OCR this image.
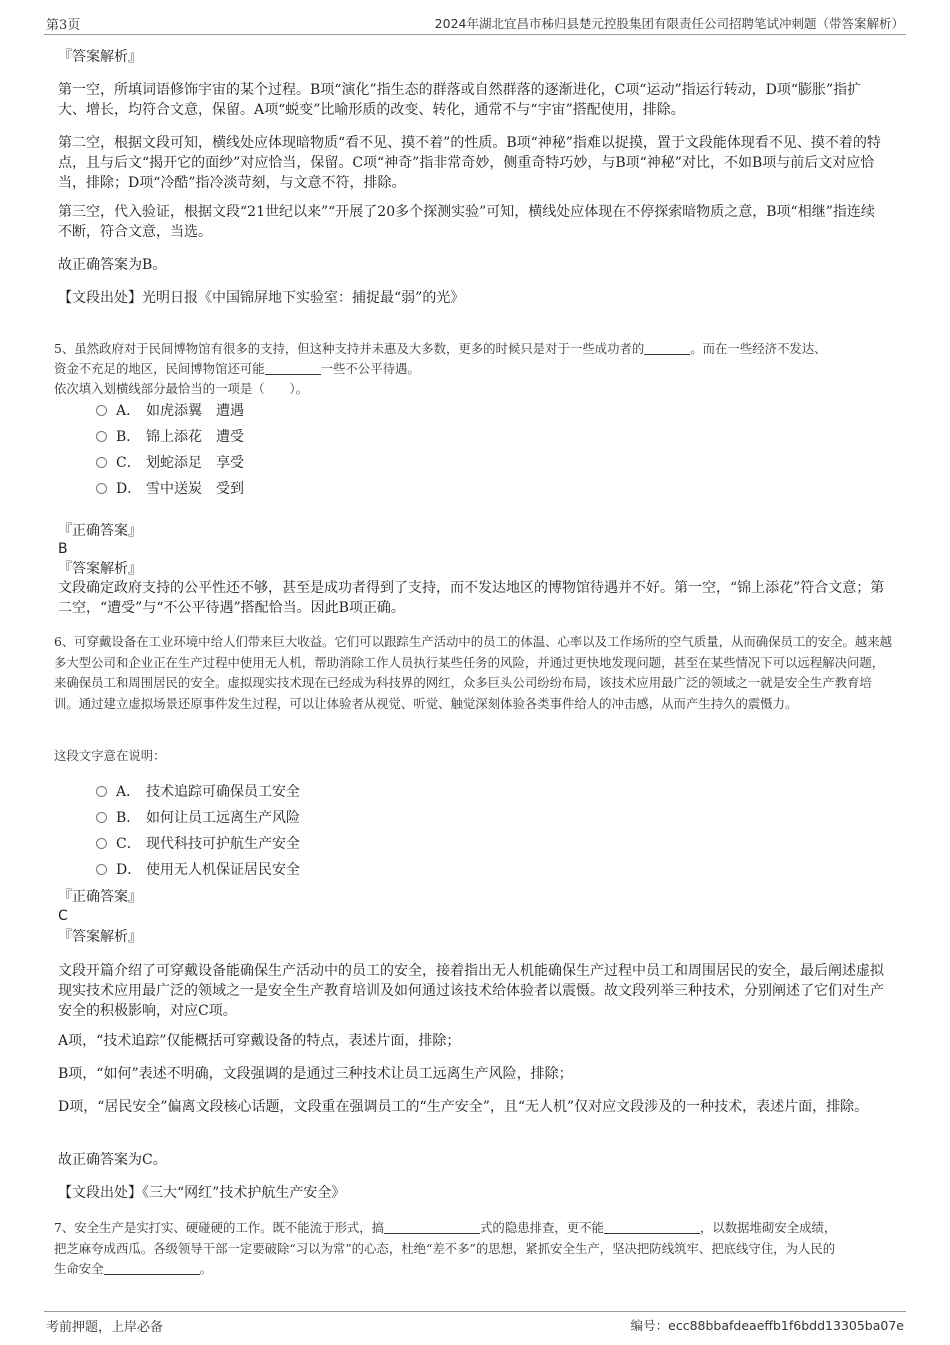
第3页	2024年湖北宜昌市秭归县楚元控股集团有限责任公司招聘笔试冲刺题（带答案解析）
『答案解析』
第一空，所填词语修饰宇宙的某个过程。B项“演化”指生态的群落或自然群落的逐渐进化，C项“运动”指运行转动，D项“膨胀”指扩大、增长，均符合文意，保留。A项“蜕变”比喻形质的改变、转化，通常不与“宇宙”搭配使用，排除。
第二空，根据文段可知，横线处应体现暗物质“看不见、摸不着”的性质。B项“神秘”指难以捉摸，置于文段能体现看不见、摸不着的特点，且与后文“揭开它的面纱”对应恰当，保留。C项“神奇”指非常奇妙，侧重奇特巧妙，与B项“神秘”对比，不如B项与前后文对应恰当，排除；D项“冷酷”指冷淡苛刻，与文意不符，排除。
第三空，代入验证，根据文段“21世纪以来”“开展了20多个探测实验”可知，横线处应体现在不停探索暗物质之意，B项“相继”指连续不断，符合文意，当选。
故正确答案为B。
【文段出处】光明日报《中国锦屏地下实验室：捕捉最“弱”的光》
5、虽然政府对于民间博物馆有很多的支持，但这种支持并未惠及大多数，更多的时候只是对于一些成功者的	。而在一些经济不发达、
资金不充足的地区，民间博物馆还可能	一些不公平待遇。
依次填入划横线部分最恰当的一项是（　　）。
A． 如虎添翼　遭遇
B． 锦上添花　遭受
C． 划蛇添足　享受
D． 雪中送炭　受到
『正确答案』
B
『答案解析』
文段确定政府支持的公平性还不够，甚至是成功者得到了支持，而不发达地区的博物馆待遇并不好。第一空，“锦上添花”符合文意；第二空，“遭受”与“不公平待遇”搭配恰当。因此B项正确。
6、可穿戴设备在工业环境中给人们带来巨大收益。它们可以跟踪生产活动中的员工的体温、心率以及工作场所的空气质量，从而确保员工的安全。越来越多大型公司和企业正在生产过程中使用无人机，帮助消除工作人员执行某些任务的风险，并通过更快地发现问题，甚至在某些情况下可以远程解决问题，来确保员工和周围居民的安全。虚拟现实技术现在已经成为科技界的网红，众多巨头公司纷纷布局，该技术应用最广泛的领域之一就是安全生产教育培训。通过建立虚拟场景还原事件发生过程，可以让体验者从视觉、听觉、触觉深刻体验各类事件给人的冲击感，从而产生持久的震慑力。
这段文字意在说明：
A． 技术追踪可确保员工安全
B． 如何让员工远离生产风险
C． 现代科技可护航生产安全
D． 使用无人机保证居民安全
『正确答案』
C
『答案解析』
文段开篇介绍了可穿戴设备能确保生产活动中的员工的安全，接着指出无人机能确保生产过程中员工和周围居民的安全，最后阐述虚拟现实技术应用最广泛的领域之一是安全生产教育培训及如何通过该技术给体验者以震慑。故文段列举三种技术，分别阐述了它们对生产安全的积极影响，对应C项。
A项，“技术追踪”仅能概括可穿戴设备的特点，表述片面，排除；
B项，“如何”表述不明确，文段强调的是通过三种技术让员工远离生产风险，排除；
D项，“居民安全”偏离文段核心话题，文段重在强调员工的“生产安全”，且“无人机”仅对应文段涉及的一种技术，表述片面，排除。
故正确答案为C。
【文段出处】《三大“网红”技术护航生产安全》
7、安全生产是实打实、硬碰硬的工作。既不能流于形式，搞	式的隐患排查，更不能	，以数据堆砌安全成绩，
把芝麻夸成西瓜。各级领导干部一定要破除“习以为常”的心态，杜绝“差不多”的思想，紧抓安全生产，坚决把防线筑牢、把底线守住，为人民的
生命安全	。
考前押题，上岸必备	编号：ecc88bbafdeaeffb1f6bdd13305ba07e
